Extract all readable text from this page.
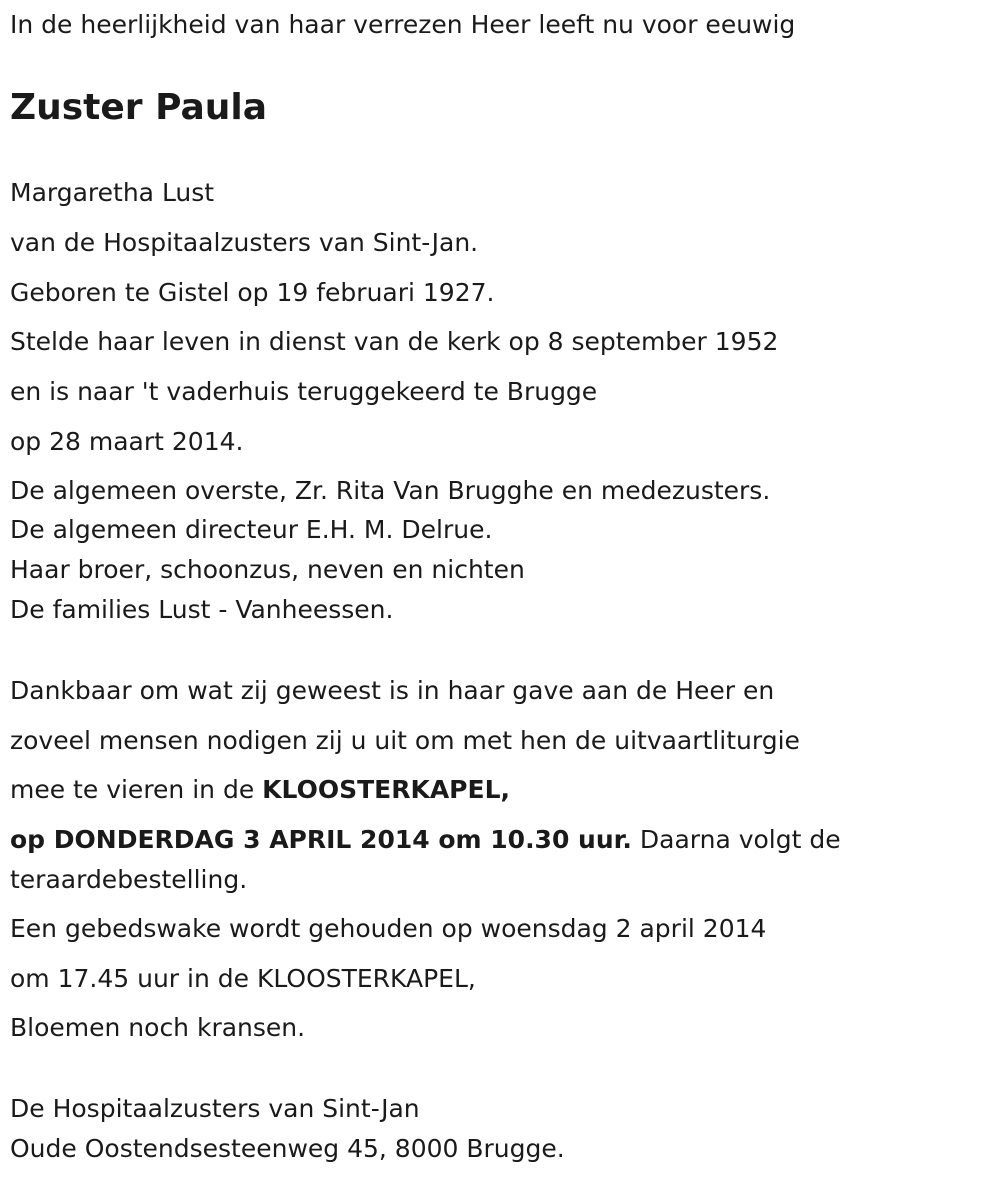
In de heerlijkheid van haar verrezen Heer leeft nu voor eeuwig

Zuster Paula

Margaretha Lust

van de Hospitaalzusters van Sint-Jan.

Geboren te Gistel op 19 februari 1927.

Stelde haar leven in dienst van de kerk op 8 september 1952

en is naar 't vaderhuis teruggekeerd te Brugge

op 28 maart 2014.

De algemeen overste, Zr. Rita Van Brugghe en medezusters.

De algemeen directeur E.H. M. Delrue.

Haar broer, schoonzus, neven en nichten

De families Lust - Vanheessen.

Dankbaar om wat zij geweest is in haar gave aan de Heer en

zoveel mensen nodigen zij u uit om met hen de uitvaartliturgie

mee te vieren in de KLOOSTERKAPEL,

op DONDERDAG 3 APRIL 2014 om 10.30 uur. Daarna volgt de

teraardebestelling.

Een gebedswake wordt gehouden op woensdag 2 april 2014

om 17.45 uur in de KLOOSTERKAPEL,

Bloemen noch kransen.

De Hospitaalzusters van Sint-Jan

Oude Oostendsesteenweg 45, 8000 Brugge.
